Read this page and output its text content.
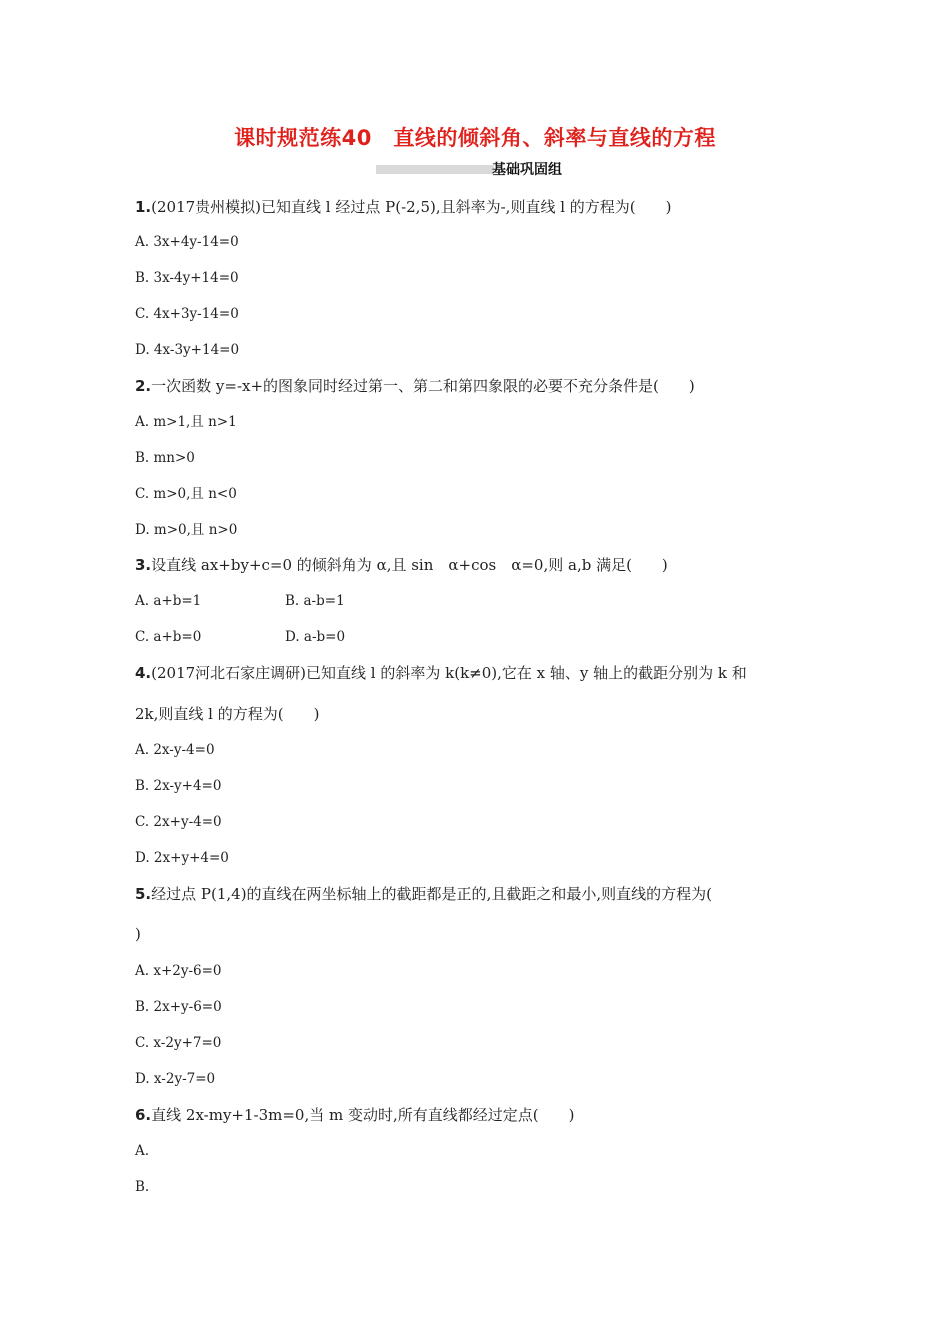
课时规范练40　直线的倾斜角、斜率与直线的方程
基础巩固组
1.(2017贵州模拟)已知直线 l 经过点 P(-2,5),且斜率为-,则直线 l 的方程为(　　)
A. 3x+4y-14=0
B. 3x-4y+14=0
C. 4x+3y-14=0
D. 4x-3y+14=0
2.一次函数 y=-x+的图象同时经过第一、第二和第四象限的必要不充分条件是(　　)
A. m>1,且 n>1
B. mn>0
C. m>0,且 n<0
D. m>0,且 n>0
3.设直线 ax+by+c=0 的倾斜角为 α,且 sin　α+cos　α=0,则 a,b 满足(　　)
A. a+b=1	B. a-b=1
C. a+b=0	D. a-b=0
4.(2017河北石家庄调研)已知直线 l 的斜率为 k(k≠0),它在 x 轴、y 轴上的截距分别为 k 和
2k,则直线 l 的方程为(　　)
A. 2x-y-4=0
B. 2x-y+4=0
C. 2x+y-4=0
D. 2x+y+4=0
5.经过点 P(1,4)的直线在两坐标轴上的截距都是正的,且截距之和最小,则直线的方程为(
)
A. x+2y-6=0
B. 2x+y-6=0
C. x-2y+7=0
D. x-2y-7=0
6.直线 2x-my+1-3m=0,当 m 变动时,所有直线都经过定点(　　)
A.
B.
